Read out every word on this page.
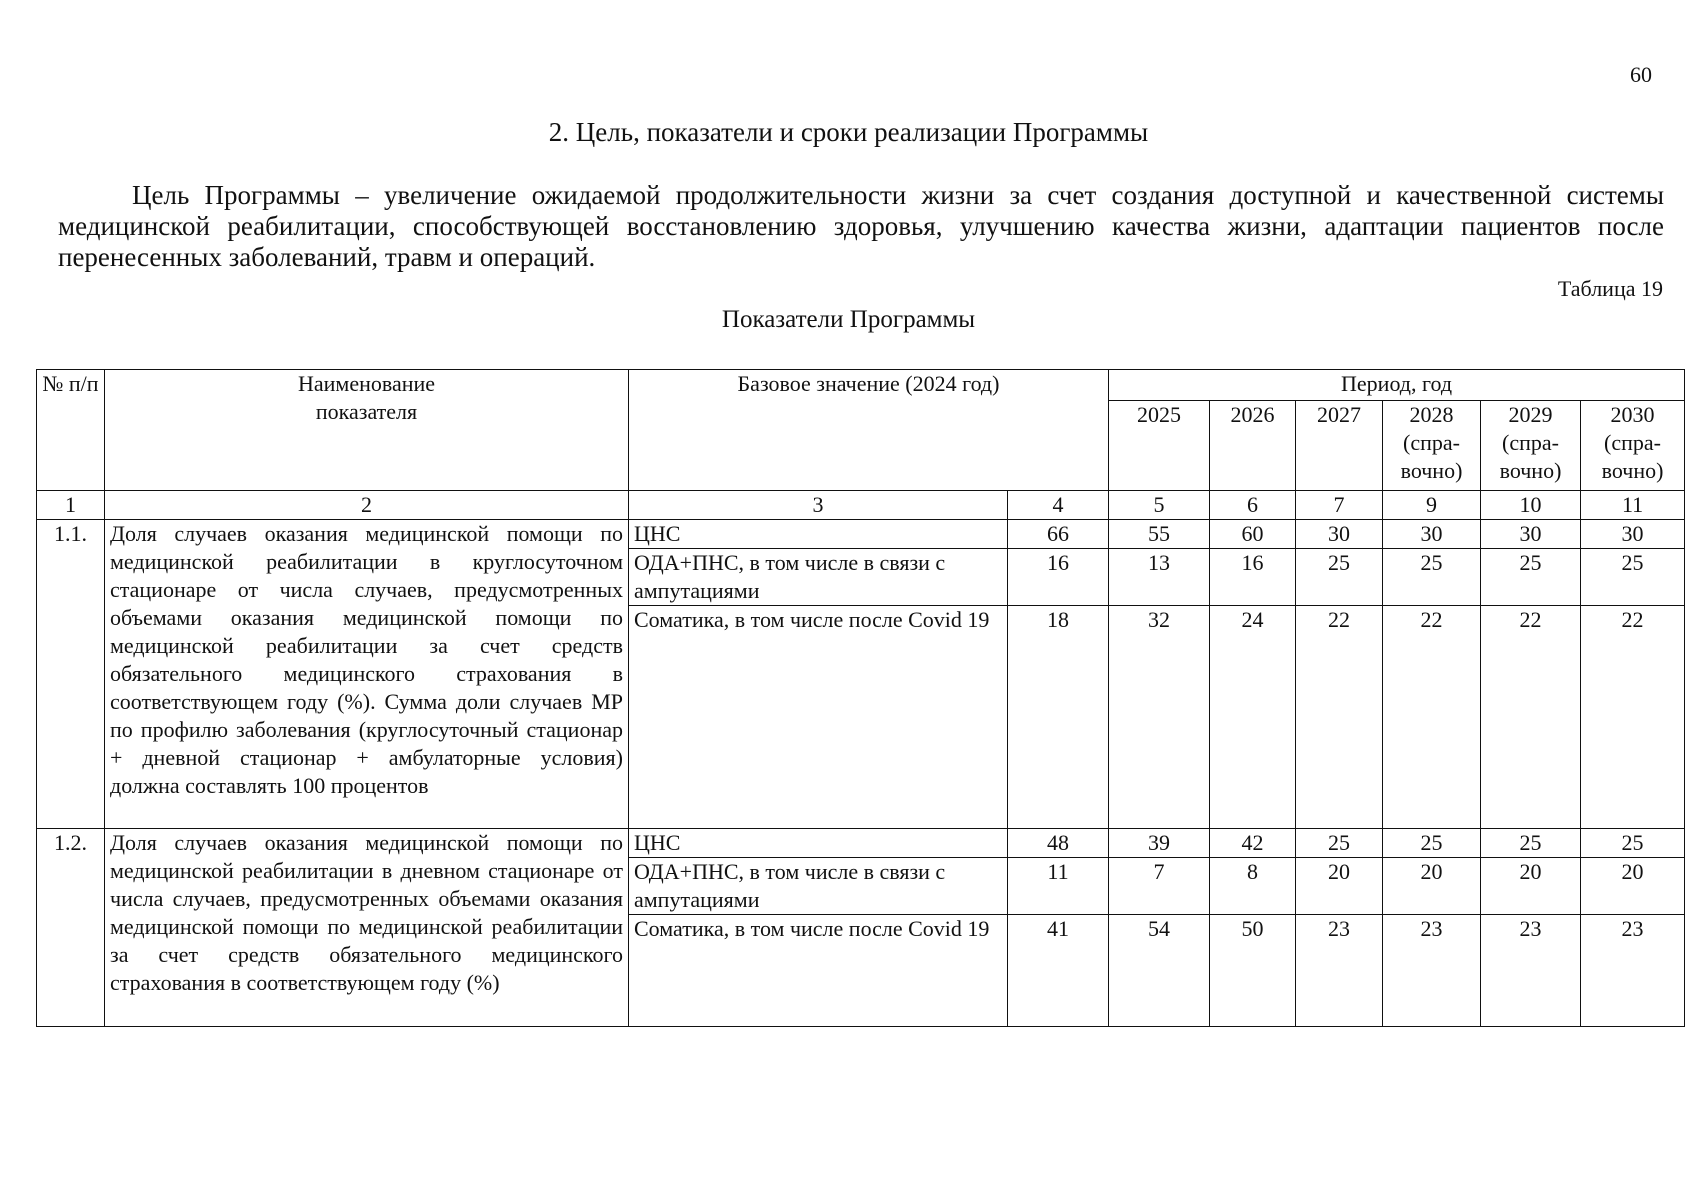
60
2. Цель, показатели и сроки реализации Программы

Цель Программы – увеличение ожидаемой продолжительности жизни за счет создания доступной и качественной системы медицинской реабилитации, способствующей восстановлению здоровья, улучшению качества жизни, адаптации пациентов после перенесенных заболеваний, травм и операций.

Таблица 19
Показатели Программы
№ п/п	Наименование показателя	Базовое значение (2024 год)		Период, год					
				2025	2026	2027	2028 (спра-вочно)	2029 (спра-вочно)	2030 (спра-вочно)
1	2	3	4	5	6	7	9	10	11
1.1.	Доля случаев оказания медицинской помощи по медицинской реабилитации в круглосуточном стационаре от числа случаев, предусмотренных объемами оказания медицинской помощи по медицинской реабилитации за счет средств обязательного медицинского страхования в соответствующем году (%). Сумма доли случаев МР по профилю заболевания (круглосуточный стационар + дневной стационар + амбулаторные условия) должна составлять 100 процентов	ЦНС	66	55	60	30	30	30	30
		ОДА+ПНС, в том числе в связи с ампутациями	16	13	16	25	25	25	25
		Соматика, в том числе после Covid 19	18	32	24	22	22	22	22
1.2.	Доля случаев оказания медицинской помощи по медицинской реабилитации в дневном стационаре от числа случаев, предусмотренных объемами оказания медицинской помощи по медицинской реабилитации за счет средств обязательного медицинского страхования в соответствующем году (%)	ЦНС	48	39	42	25	25	25	25
		ОДА+ПНС, в том числе в связи с ампутациями	11	7	8	20	20	20	20
		Соматика, в том числе после Covid 19	41	54	50	23	23	23	23
